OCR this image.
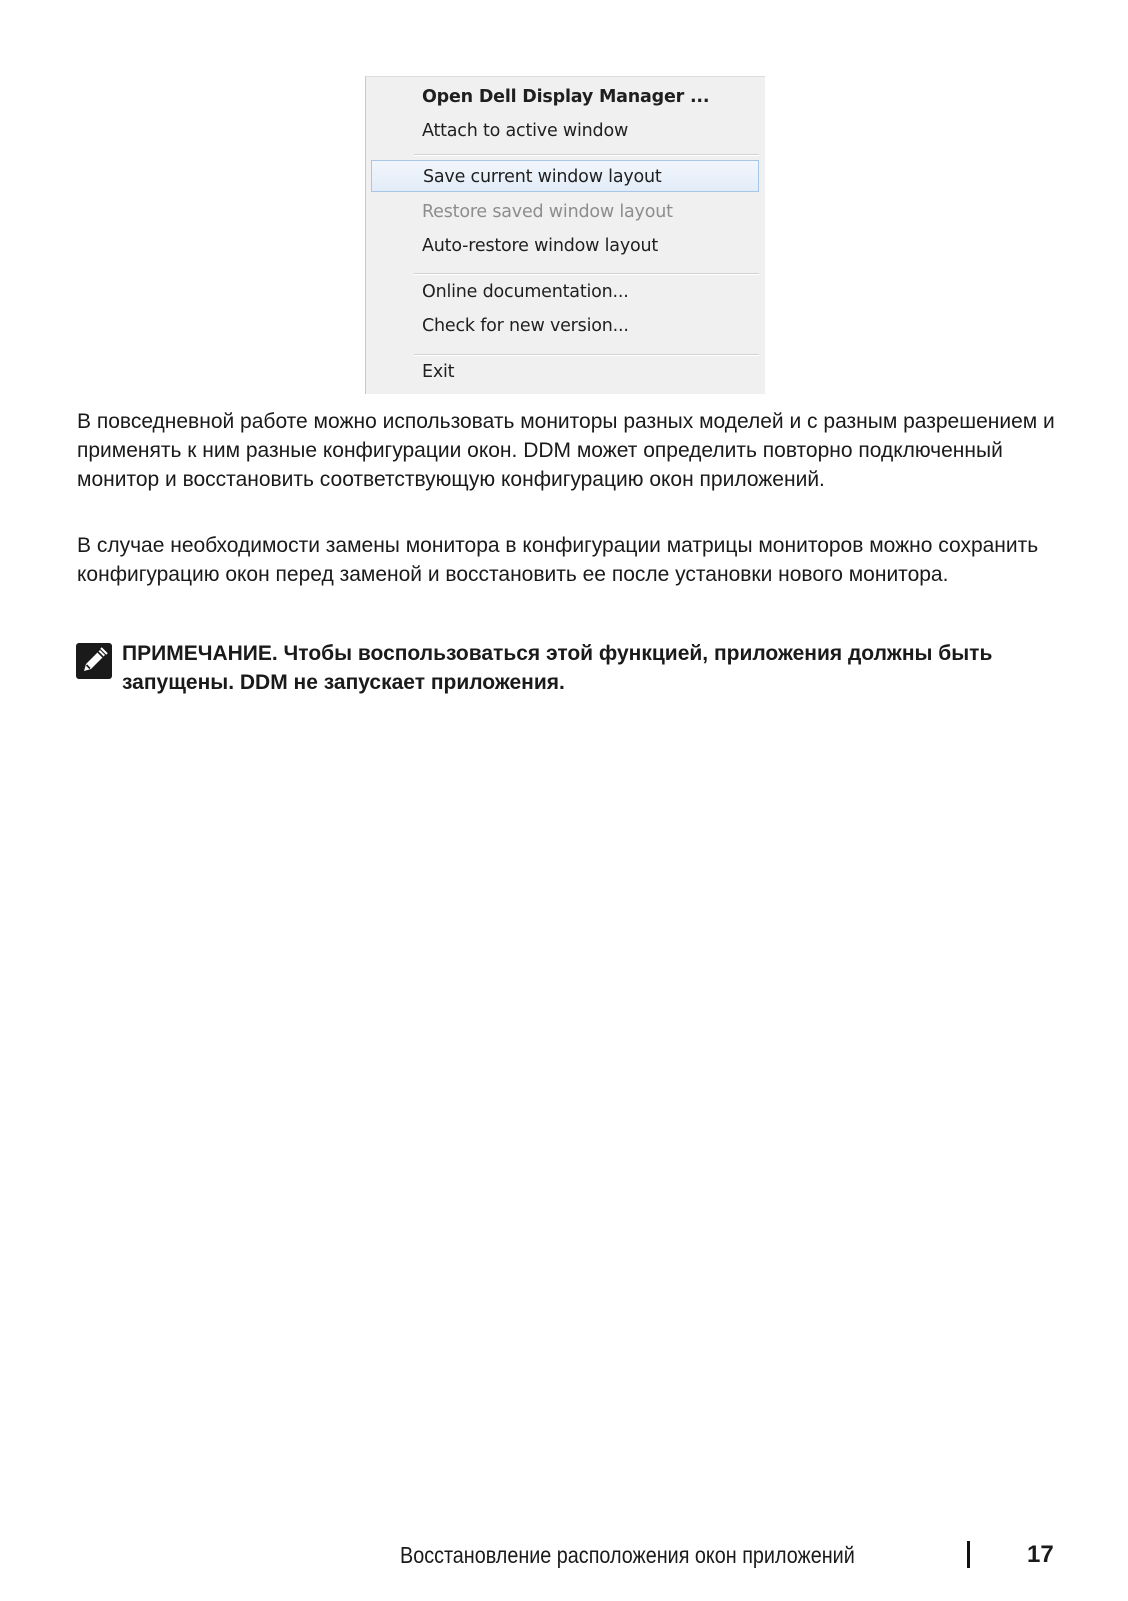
Open Dell Display Manager ...
Attach to active window
Save current window layout
Restore saved window layout
Auto-restore window layout
Online documentation...
Check for new version...
Exit

В повседневной работе можно использовать мониторы разных моделей и с разным разрешением и применять к ним разные конфигурации окон. DDM может определить повторно подключенный монитор и восстановить соответствующую конфигурацию окон приложений.

В случае необходимости замены монитора в конфигурации матрицы мониторов можно сохранить конфигурацию окон перед заменой и восстановить ее после установки нового монитора.

ПРИМЕЧАНИЕ. Чтобы воспользоваться этой функцией, приложения должны быть запущены. DDM не запускает приложения.

Восстановление расположения окон приложений	17
